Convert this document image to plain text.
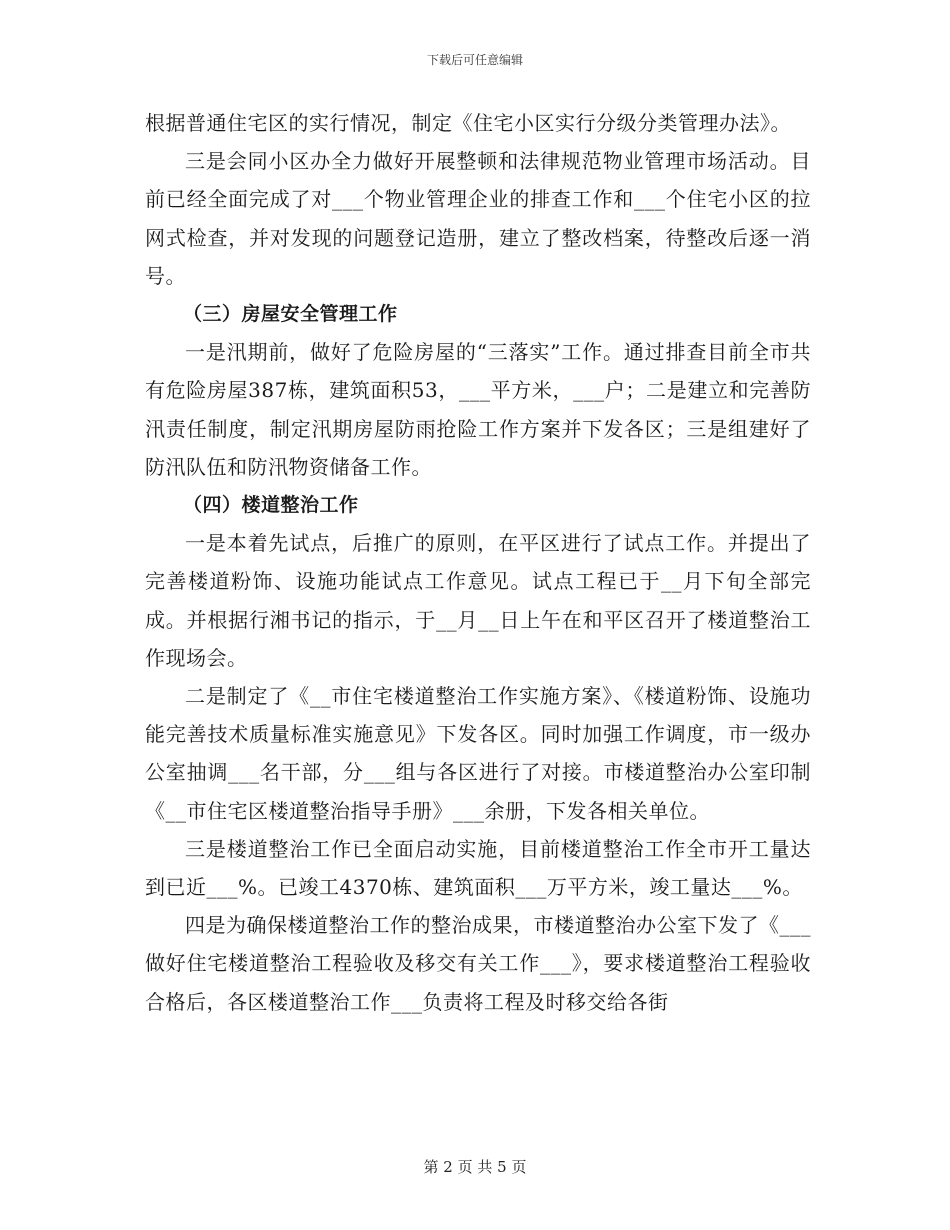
下载后可任意编辑

根据普通住宅区的实行情况，制定《住宅小区实行分级分类管理办法》。

三是会同小区办全力做好开展整顿和法律规范物业管理市场活动。目前已经全面完成了对___个物业管理企业的排查工作和___个住宅小区的拉网式检查，并对发现的问题登记造册，建立了整改档案，待整改后逐一消号。

（三）房屋安全管理工作

一是汛期前，做好了危险房屋的“三落实”工作。通过排查目前全市共有危险房屋387栋，建筑面积53，___平方米，___户；二是建立和完善防汛责任制度，制定汛期房屋防雨抢险工作方案并下发各区；三是组建好了防汛队伍和防汛物资储备工作。

（四）楼道整治工作

一是本着先试点，后推广的原则，在平区进行了试点工作。并提出了完善楼道粉饰、设施功能试点工作意见。试点工程已于__月下旬全部完成。并根据行湘书记的指示，于__月__日上午在和平区召开了楼道整治工作现场会。

二是制定了《__市住宅楼道整治工作实施方案》、《楼道粉饰、设施功能完善技术质量标准实施意见》下发各区。同时加强工作调度，市一级办公室抽调___名干部，分___组与各区进行了对接。市楼道整治办公室印制《__市住宅区楼道整治指导手册》___余册，下发各相关单位。

三是楼道整治工作已全面启动实施，目前楼道整治工作全市开工量达到已近___%。已竣工4370栋、建筑面积___万平方米，竣工量达___%。

四是为确保楼道整治工作的整治成果，市楼道整治办公室下发了《___做好住宅楼道整治工程验收及移交有关工作___》，要求楼道整治工程验收合格后，各区楼道整治工作___负责将工程及时移交给各街

第 2 页 共 5 页
